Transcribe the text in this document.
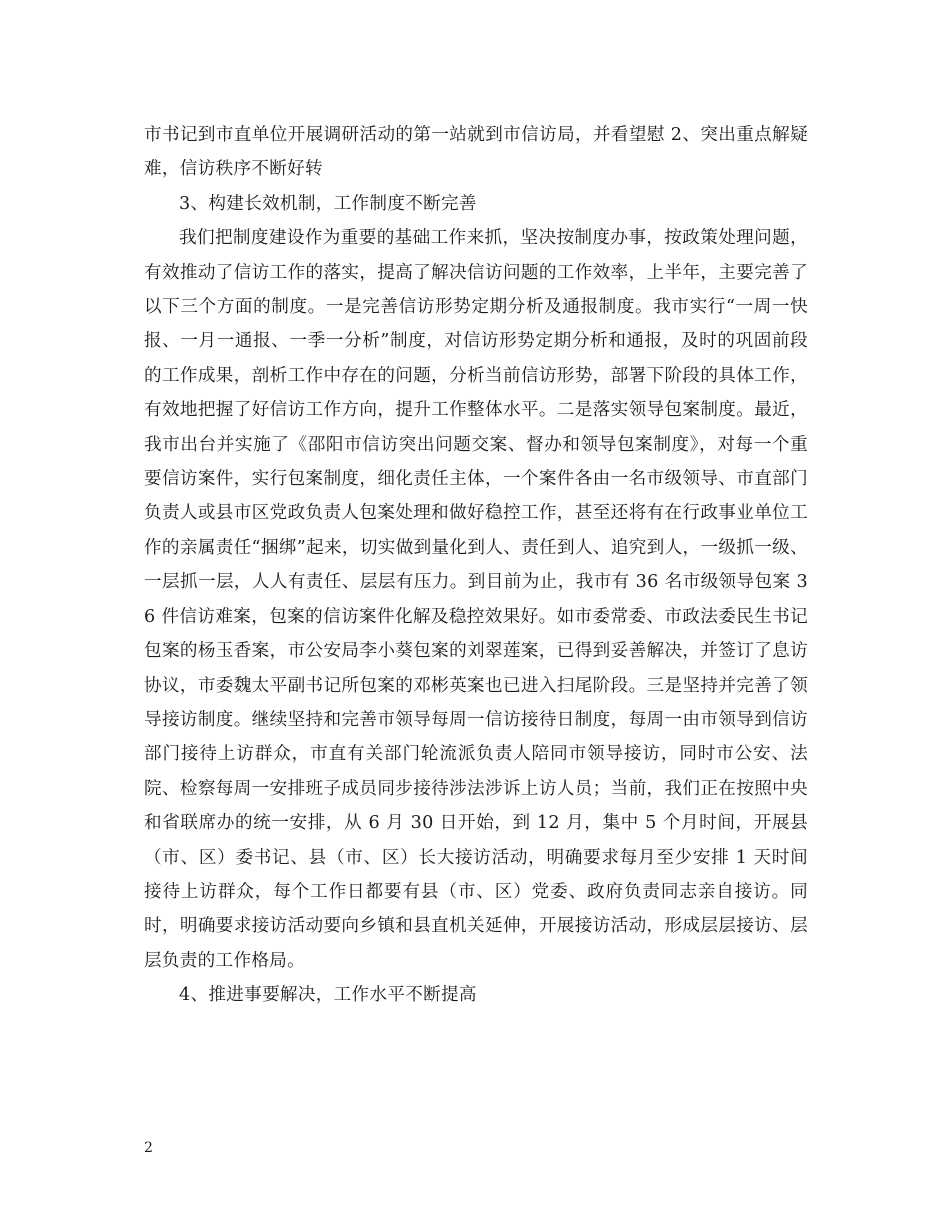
市书记到市直单位开展调研活动的第一站就到市信访局，并看望慰 2、突出重点解疑难，信访秩序不断好转

3、构建长效机制，工作制度不断完善

我们把制度建设作为重要的基础工作来抓，坚决按制度办事，按政策处理问题，有效推动了信访工作的落实，提高了解决信访问题的工作效率，上半年，主要完善了以下三个方面的制度。一是完善信访形势定期分析及通报制度。我市实行“一周一快报、一月一通报、一季一分析”制度，对信访形势定期分析和通报，及时的巩固前段的工作成果，剖析工作中存在的问题，分析当前信访形势，部署下阶段的具体工作，有效地把握了好信访工作方向，提升工作整体水平。二是落实领导包案制度。最近，我市出台并实施了《邵阳市信访突出问题交案、督办和领导包案制度》，对每一个重要信访案件，实行包案制度，细化责任主体，一个案件各由一名市级领导、市直部门负责人或县市区党政负责人包案处理和做好稳控工作，甚至还将有在行政事业单位工作的亲属责任“捆绑”起来，切实做到量化到人、责任到人、追究到人，一级抓一级、一层抓一层，人人有责任、层层有压力。到目前为止，我市有 36 名市级领导包案 36 件信访难案，包案的信访案件化解及稳控效果好。如市委常委、市政法委民生书记包案的杨玉香案，市公安局李小葵包案的刘翠莲案，已得到妥善解决，并签订了息访协议，市委魏太平副书记所包案的邓彬英案也已进入扫尾阶段。三是坚持并完善了领导接访制度。继续坚持和完善市领导每周一信访接待日制度，每周一由市领导到信访部门接待上访群众，市直有关部门轮流派负责人陪同市领导接访，同时市公安、法院、检察每周一安排班子成员同步接待涉法涉诉上访人员；当前，我们正在按照中央和省联席办的统一安排，从 6 月 30 日开始，到 12 月，集中 5 个月时间，开展县（市、区）委书记、县（市、区）长大接访活动，明确要求每月至少安排 1 天时间接待上访群众，每个工作日都要有县（市、区）党委、政府负责同志亲自接访。同时，明确要求接访活动要向乡镇和县直机关延伸，开展接访活动，形成层层接访、层层负责的工作格局。

4、推进事要解决，工作水平不断提高

2
